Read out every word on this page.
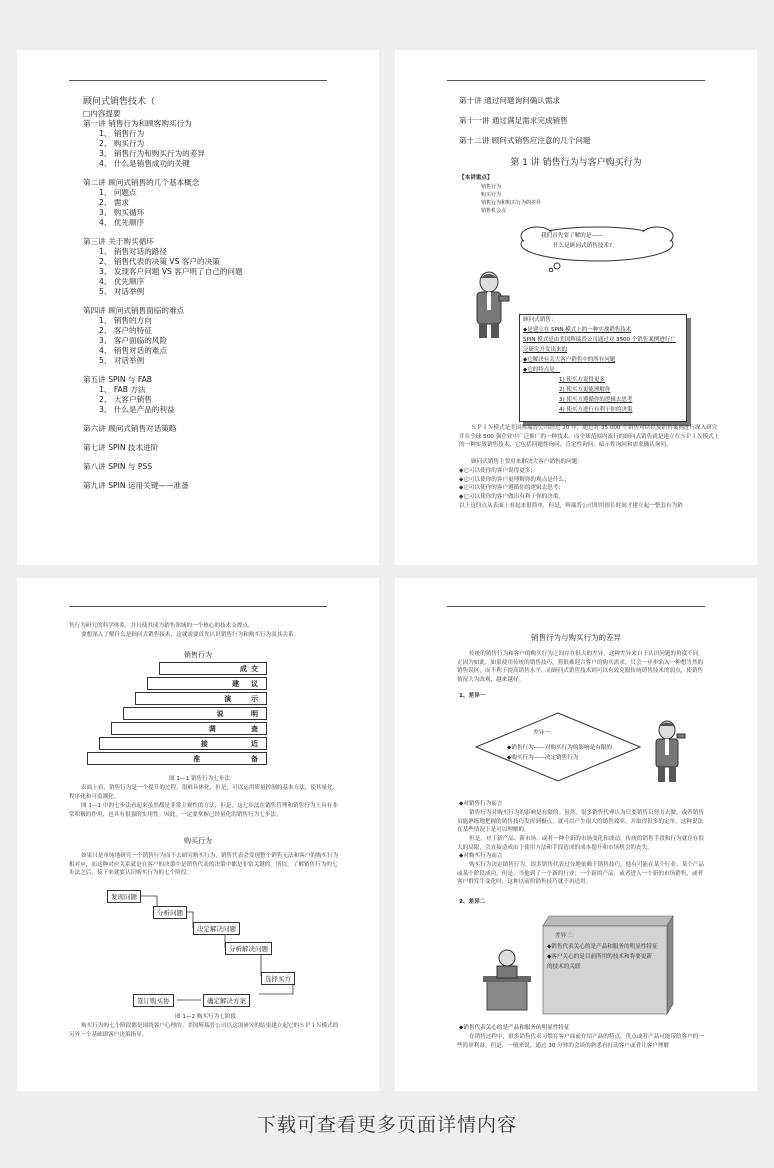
顾问式销售技术（
□内容提要
第一讲 销售行为和顾客购买行为
1、 销售行为
2、 购买行为
3、 销售行为和购买行为的差异
4、 什么是销售成功的关键
第二讲 顾问式销售的几个基本概念
1、 问题点
2、 需求
3、 购买循环
4、 优先顺序
第三讲 关于购买循环
1、 销售对话的路径
2、 销售代表的决策 VS 客户的决策
3、 发现客户问题 VS 客户明了自己的问题
4、 优先顺序
5、 对话举例
第四讲 顾问式销售面临的难点
1、 销售的方向
2、 客户的特征
3、 客户面临的风险
4、 销售对话的难点
5、 对话举例
第五讲 SPIN 与 FAB
1、 FAB 方法
2、 大客户销售
3、 什么是产品的利益
第六讲 顾问式销售对话策略
第七讲 SPIN 技术进阶
第八讲 SPIN 与 PSS
第九讲 SPIN 运用关键——准备
第十讲 通过问题询问确认需求
第十一讲 通过满足需求完成销售
第十二讲 顾问式销售应注意的几个问题
第 1 讲 销售行为与客户购买行为
【本讲重点】
销售行为
购买行为
销售行为和购买行为的差异
销售机会点
我们首先要了解的是——
什么是顾问式销售技术?
顾问式销售：
◆是建立在 SPIN 模式上的一种实战销售技术
SPIN 模式是由美国辉瑞普公司通过对 3500 个销售案例进行广
泛研究开发出来的
◆它解决有关大客户销售中的所有问题
◆它的特点是：
1) 使买方说得更多
2) 使买方更能理解你
3) 使买方遵循你的逻辑去思考
4) 使买方进行有利于你的决策
ＳＰＩＮ模式是美国辉瑞普公司经过 20 年，通过对 35 000 个销售对话以及销售案例进行深入研究并在全球 500 强企业中广泛推广的一种技术。而全球范围内流行的顾问式销售就是建立在ＳＰＩＮ模式上的一种实战销售技术，它包括问题性询问、肯定性询问、暗示性询问和需求确认询问。
顾问式销售主要用来解决大客户销售的问题：
◆它可以使你的客户说得更多；
◆它可以使你的客户更理解你的观点是什么；
◆它可以使你的客户遵循你的逻辑去思考；
◆它可以使你的客户做出有利于你的决策。
以上这四点从表面上看起来很简单，但是，辉瑞普公司却用很长时间才建立起一整套有为销
售行为研究的科学体系，并且使其成为销售领域的一个核心的技术支撑点。
要想深入了解什么是顾问式销售技术，这就需要首先认识销售行为和购买行为及其关系。
销售行为
成 交
建 议
演	示
说	明
调	查
接	近
准	备
图 1—1 销售行为七步法
表面上看，销售行为是一个提升的过程，很难具体化，但是，可以运用质量控制的基本方法，使其量化、程序化和可监测化。
图 1—1 中的七步法看起来虽然都是非常主观性的方法，但是，这七步法在销售管理和销售行为上具有非常积极的作用，也具有很强的实用性。因此，一定要掌握已经量化的销售行为七步法。
购买行为
如果只是单纯地研究一个销售行为而不去研究购买行为，销售代表会发现整个销售无法和客户的购买行为相对应，而这种对应关系就是在客户的决策中是销售代表的决策中都是非常关键的。所以，了解销售行为的七步法之后，接下来就要认识购买行为的七个阶段。
发现问题
分析问题
决定解决问题
分析解决问题
选择买方
确定解决方案
签订购买协
图 1—2 购买行为七阶段
购买行为的七个阶段都是围绕客户心理的。美国辉瑞普公司以这项研究的结果建立起它的ＳＰＩＮ模式的另外一个基础即客户决策指导。
销售行为与购买行为的差异
传统的销售行为和客户的购买行为之间存在很大的差异，这种差异来自于认识问题的角度不同。正因为如此，如果使用传统的销售技巧，将很难迎合客户的购买需求，只会一步步陷入一种想当然的销售误区，而不利于提高销售水平，而顾问式销售技术则可以有效克服传统销售技术的弱点，使销售情况大为改观，越来越好。
1、差异一
差异一：
◆销售行为——对购买行为的影响是有限的
◆购买行为——决定销售行为
◆对销售行为而言
销售行为对购买行为的影响是有限的。虽然，很多销售代理认为只要销售员努力去做，或者销售员能熟练地把握的销售技巧发挥到极点，就可以产生很大的销售效率，并取得很多的定单。这种说法在某些情况下是可以理解的。
但是，对于新产品、新市场，或者一种全新的市场变化和波动，传统的销售手段和行为就存在很大的局限，会直接造成由于使用方法和手段造成的成本提升和市场机会的丧失。
◆对购买行为而言
购买行为决定销售行为，很多销售代表过分地依赖于销售技巧，他有可能在某个行业、某个产品或某个阶段成功，但是，当他到了一个新的行业、一个新的产品，或者进入一个新的市场销售，或者客户群发生变化时，这种以前的销售技巧就不再适用。
2、差异二
差异二：
◆销售代表关心的是产品和服务的明显性特征
◆客户关心的是目前所用的技术和将要更新
的技术的关联
◆销售代表关心的是产品和服务的明显性特征
在销售过程中，很多销售代表习惯在客户面前介绍产品的特点，优点或者产品可能带给客户的一些简单利益。但是，一般来说，通过 30 分钟的会谈的熟悉看打动客户或者让客户理解
下载可查看更多页面详情内容
